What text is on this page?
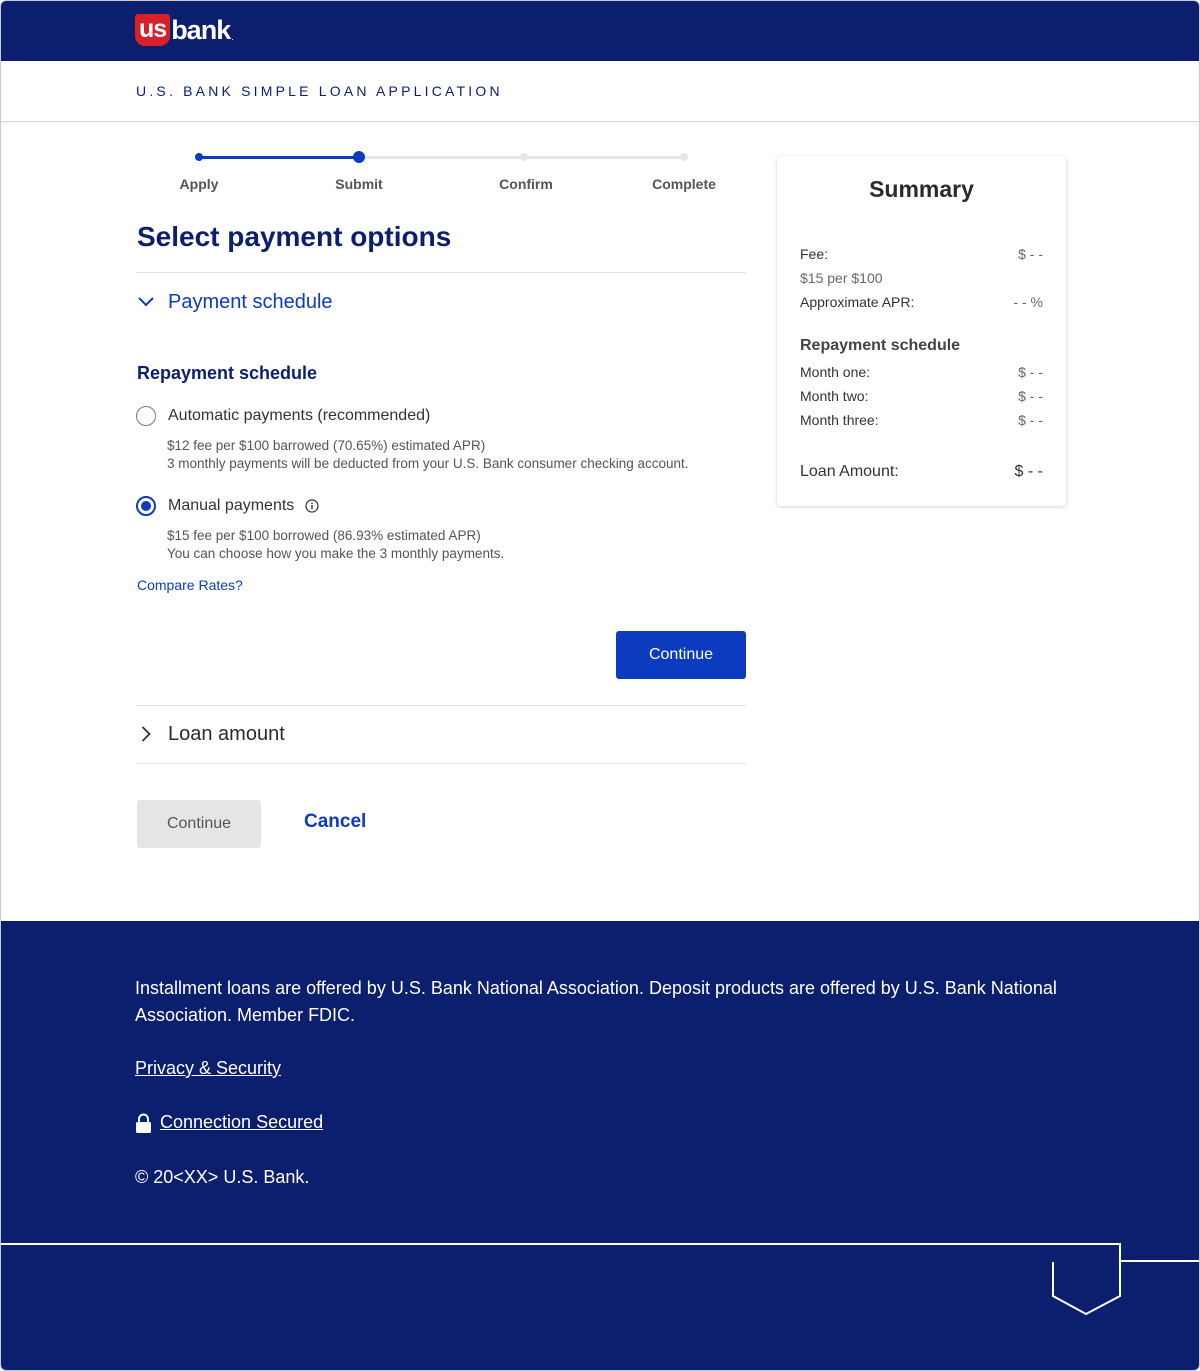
us bank .
U.S. BANK SIMPLE LOAN APPLICATION
Apply	Submit	Confirm	Complete
Select payment options
Payment schedule
Repayment schedule
Automatic payments (recommended)
$12 fee per $100 barrowed (70.65%) estimated APR)
3 monthly payments will be deducted from your U.S. Bank consumer checking account.
Manual payments
$15 fee per $100 borrowed (86.93% estimated APR)
You can choose how you make the 3 monthly payments.
Compare Rates?
Continue
Loan amount
Continue	Cancel
Summary
Fee:	$ - -
$15 per $100
Approximate APR:	- - %
Repayment schedule
Month one:	$ - -
Month two:	$ - -
Month three:	$ - -
Loan Amount:	$ - -

Installment loans are offered by U.S. Bank National Association. Deposit products are offered by U.S. Bank National Association. Member FDIC.

Privacy & Security
Connection Secured
© 20<XX> U.S. Bank.
